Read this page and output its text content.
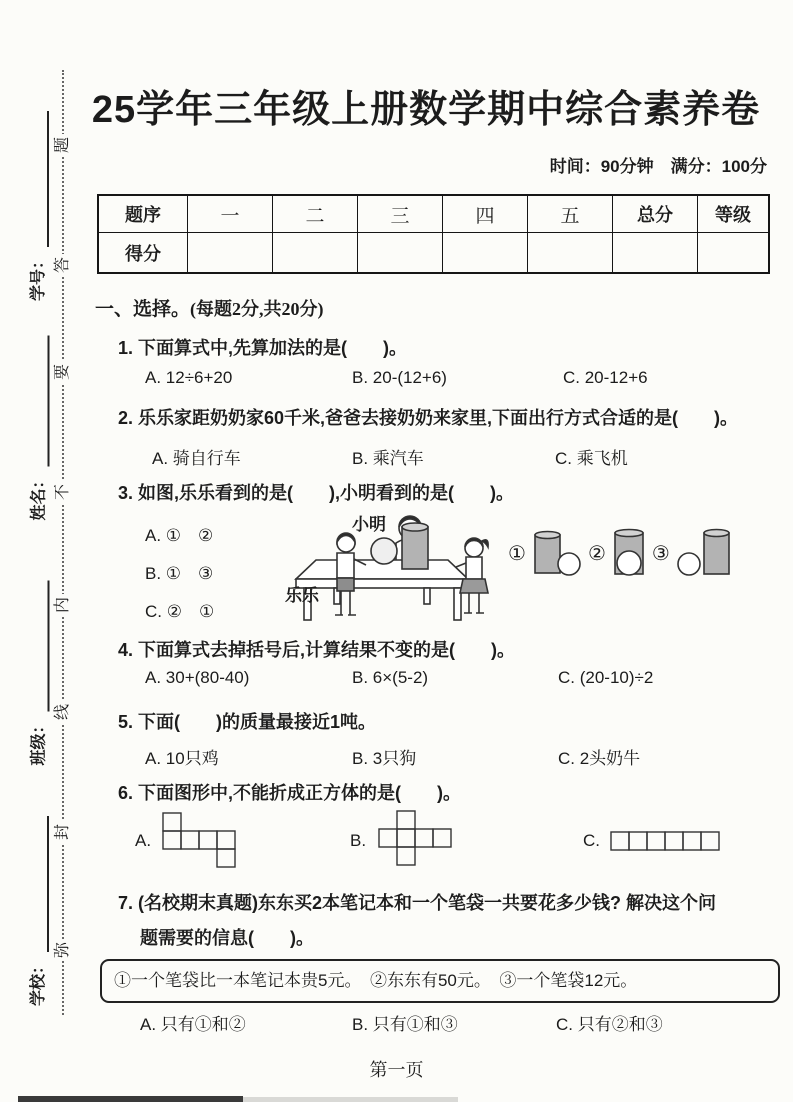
题
答
要
不
内
线
封
弥
学号：
姓名：
班级：
学校：
25学年三年级上册数学期中综合素养卷
时间：90分钟　满分：100分
题序	一	二	三	四	五	总分	等级
得分							
一、选择。(每题2分,共20分)
1. 下面算式中,先算加法的是(　　)。
A. 12÷6+20	B. 20-(12+6)	C. 20-12+6
2. 乐乐家距奶奶家60千米,爸爸去接奶奶来家里,下面出行方式合适的是(　　)。
A. 骑自行车	B. 乘汽车	C. 乘飞机
3. 如图,乐乐看到的是(　　),小明看到的是(　　)。
A. ①　②
B. ①　③
C. ②　①
小明
乐乐
①	② ③
4. 下面算式去掉括号后,计算结果不变的是(　　)。
A. 30+(80-40)	B. 6×(5-2)	C. (20-10)÷2
5. 下面(　　)的质量最接近1吨。
A. 10只鸡	B. 3只狗	C. 2头奶牛
6. 下面图形中,不能折成正方体的是(　　)。
A.	B.	C.
7. (名校期末真题)东东买2本笔记本和一个笔袋一共要花多少钱? 解决这个问
题需要的信息(　　)。
①一个笔袋比一本笔记本贵5元。　②东东有50元。　③一个笔袋12元。
A. 只有①和②	B. 只有①和③	C. 只有②和③
第一页
